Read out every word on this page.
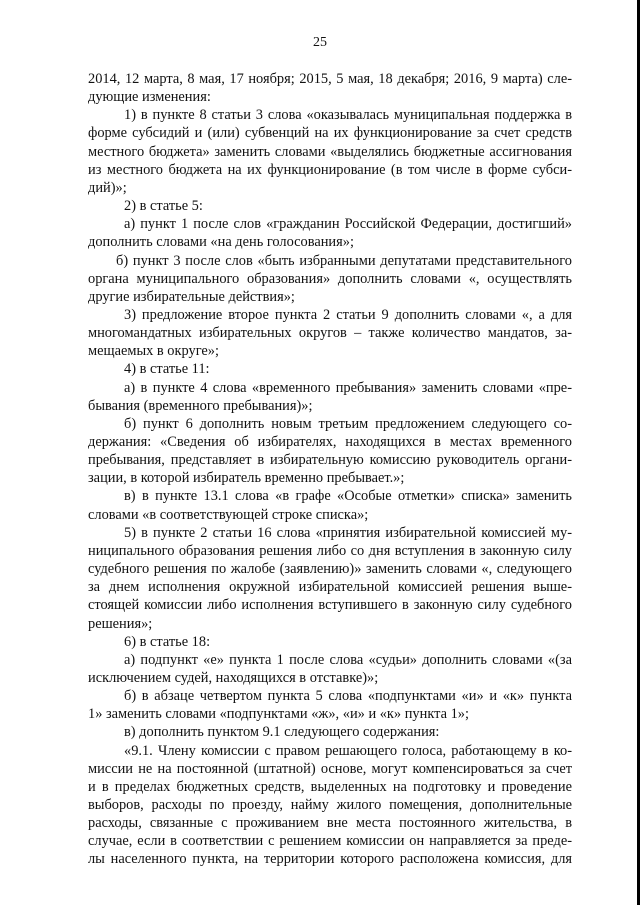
25
2014, 12 марта, 8 мая, 17 ноября; 2015, 5 мая, 18 декабря; 2016, 9 марта) сле-
дующие изменения:
1) в пункте 8 статьи 3 слова «оказывалась муниципальная поддержка в
форме субсидий и (или) субвенций на их функционирование за счет средств
местного бюджета» заменить словами «выделялись бюджетные ассигнования
из местного бюджета на их функционирование (в том числе в форме субси-
дий)»;
2) в статье 5:
а) пункт 1 после слов «гражданин Российской Федерации, достигший»
дополнить словами «на день голосования»;
б) пункт 3 после слов «быть избранными депутатами представительного
органа муниципального образования» дополнить словами «, осуществлять
другие избирательные действия»;
3) предложение второе пункта 2 статьи 9 дополнить словами «, а для
многомандатных избирательных округов – также количество мандатов, за-
мещаемых в округе»;
4) в статье 11:
а) в пункте 4 слова «временного пребывания» заменить словами «пре-
бывания (временного пребывания)»;
б) пункт 6 дополнить новым третьим предложением следующего со-
держания: «Сведения об избирателях, находящихся в местах временного
пребывания, представляет в избирательную комиссию руководитель органи-
зации, в которой избиратель временно пребывает.»;
в) в пункте 13.1 слова «в графе «Особые отметки» списка» заменить
словами «в соответствующей строке списка»;
5) в пункте 2 статьи 16 слова «принятия избирательной комиссией му-
ниципального образования решения либо со дня вступления в законную силу
судебного решения по жалобе (заявлению)» заменить словами «, следующего
за днем исполнения окружной избирательной комиссией решения выше-
стоящей комиссии либо исполнения вступившего в законную силу судебного
решения»;
6) в статье 18:
а) подпункт «е» пункта 1 после слова «судьи» дополнить словами «(за
исключением судей, находящихся в отставке)»;
б) в абзаце четвертом пункта 5 слова «подпунктами «и» и «к» пункта
1» заменить словами «подпунктами «ж», «и» и «к» пункта 1»;
в) дополнить пунктом 9.1 следующего содержания:
«9.1. Члену комиссии с правом решающего голоса, работающему в ко-
миссии не на постоянной (штатной) основе, могут компенсироваться за счет
и в пределах бюджетных средств, выделенных на подготовку и проведение
выборов, расходы по проезду, найму жилого помещения, дополнительные
расходы, связанные с проживанием вне места постоянного жительства, в
случае, если в соответствии с решением комиссии он направляется за преде-
лы населенного пункта, на территории которого расположена комиссия, для
